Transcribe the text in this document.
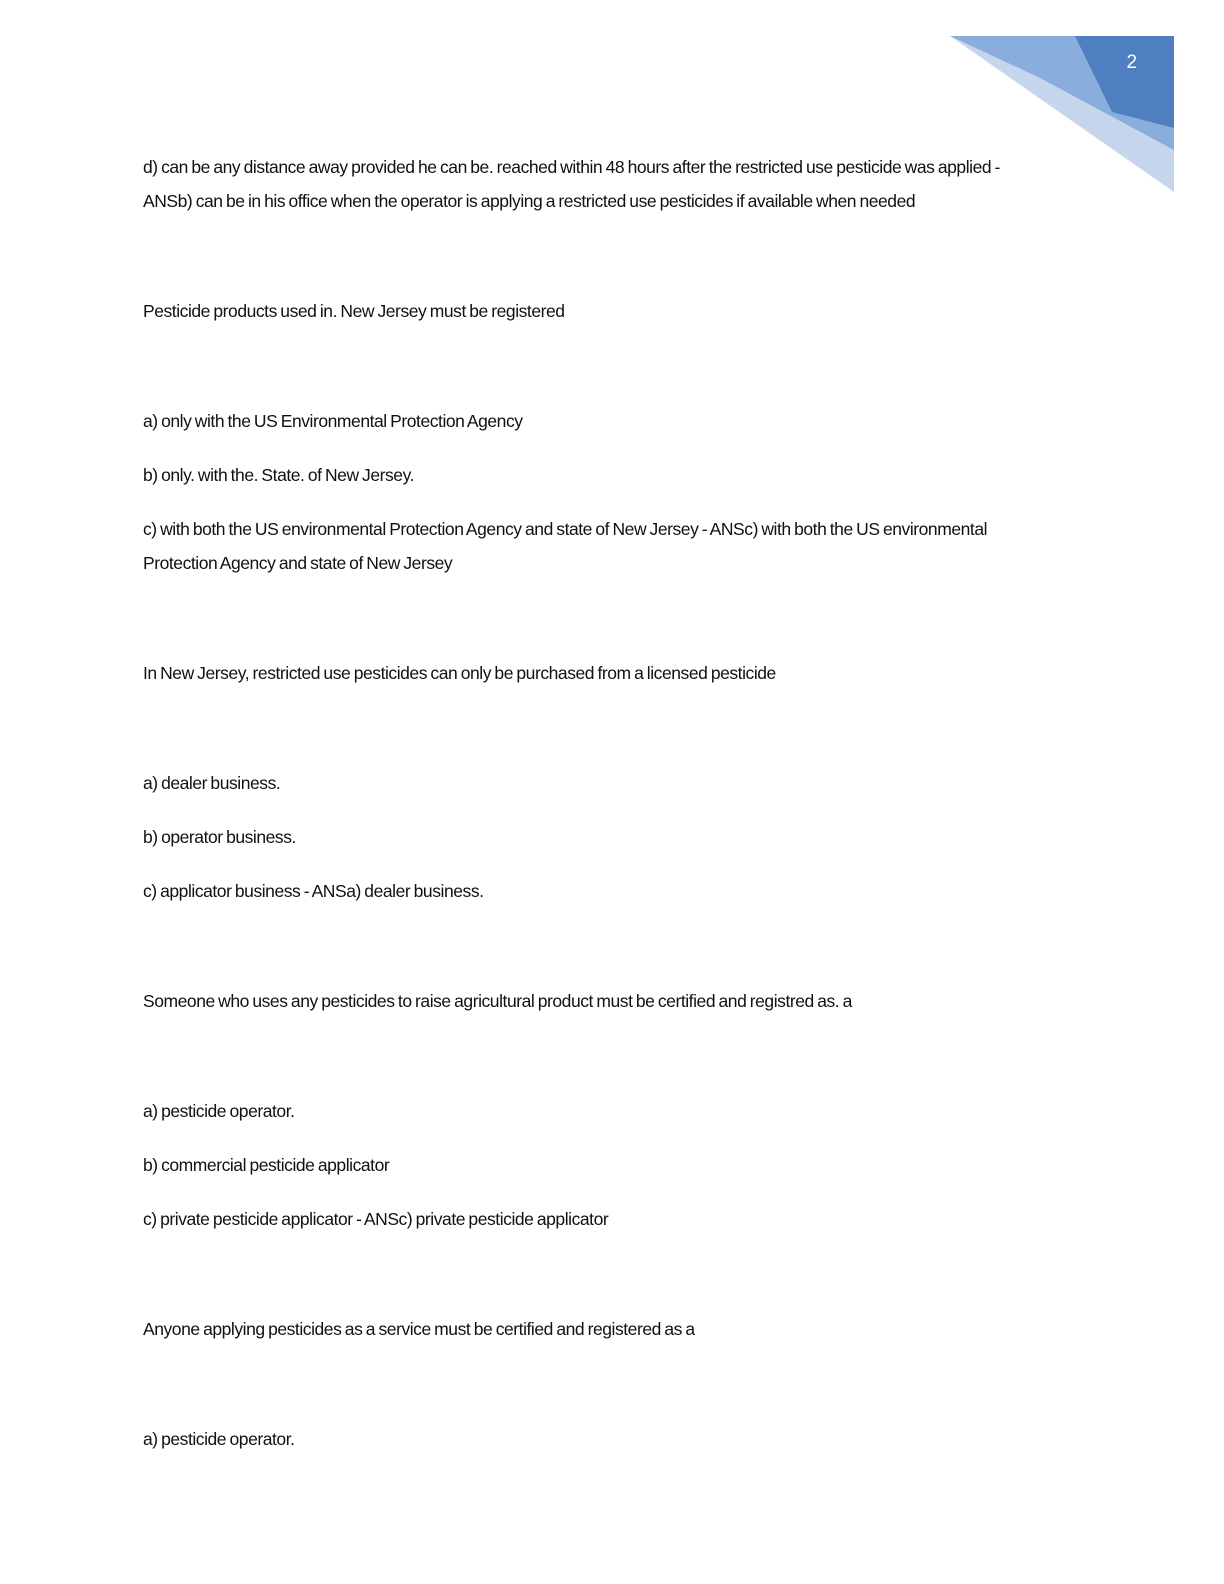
2

d) can be any distance away provided he can be. reached within 48 hours after the restricted use pesticide was applied - ANSb) can be in his office when the operator is applying a restricted use pesticides if available when needed

Pesticide products used in. New Jersey must be registered

a) only with the US Environmental Protection Agency

b) only. with the. State. of New Jersey.

c) with both the US environmental Protection Agency and state of New Jersey - ANSc) with both the US environmental Protection Agency and state of New Jersey

In New Jersey, restricted use pesticides can only be purchased from a licensed pesticide

a) dealer business.

b) operator business.

c) applicator business - ANSa) dealer business.

Someone who uses any pesticides to raise agricultural product must be certified and registred as. a

a) pesticide operator.

b) commercial pesticide applicator

c) private pesticide applicator - ANSc) private pesticide applicator

Anyone applying pesticides as a service must be certified and registered as a

a) pesticide operator.
